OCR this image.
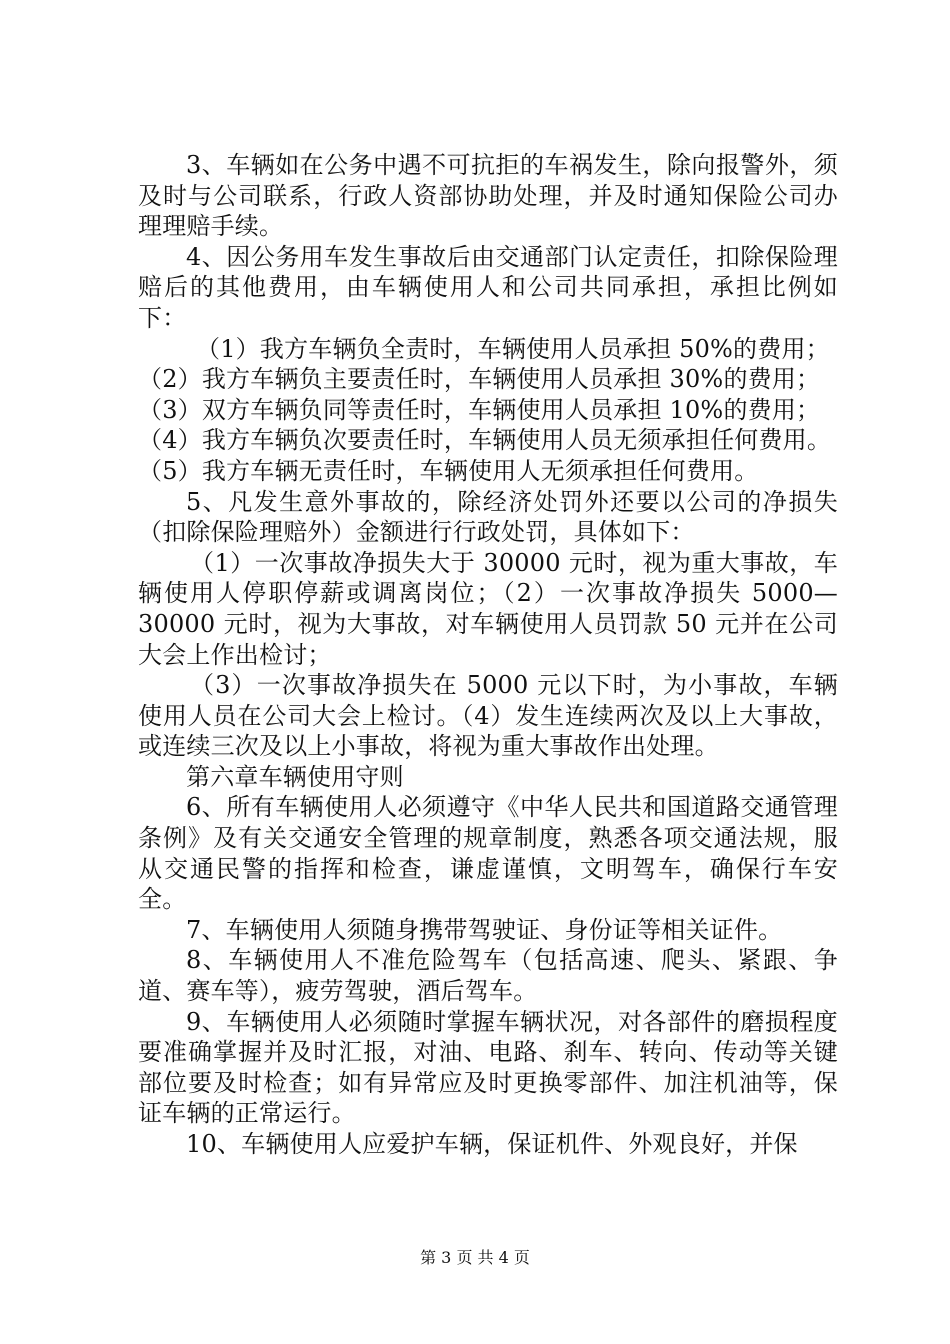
3、车辆如在公务中遇不可抗拒的车祸发生，除向报警外，须及时与公司联系，行政人资部协助处理，并及时通知保险公司办理理赔手续。

4、因公务用车发生事故后由交通部门认定责任，扣除保险理赔后的其他费用，由车辆使用人和公司共同承担，承担比例如下：

（1）我方车辆负全责时，车辆使用人员承担 50%的费用；

（2）我方车辆负主要责任时，车辆使用人员承担 30%的费用；

（3）双方车辆负同等责任时，车辆使用人员承担 10%的费用；

（4）我方车辆负次要责任时，车辆使用人员无须承担任何费用。

（5）我方车辆无责任时，车辆使用人无须承担任何费用。

5、凡发生意外事故的，除经济处罚外还要以公司的净损失（扣除保险理赔外）金额进行行政处罚，具体如下：

（1）一次事故净损失大于 30000 元时，视为重大事故，车辆使用人停职停薪或调离岗位；（2）一次事故净损失 5000—30000 元时，视为大事故，对车辆使用人员罚款 50 元并在公司大会上作出检讨；

（3）一次事故净损失在 5000 元以下时，为小事故，车辆使用人员在公司大会上检讨。（4）发生连续两次及以上大事故，或连续三次及以上小事故，将视为重大事故作出处理。

第六章车辆使用守则

6、所有车辆使用人必须遵守《中华人民共和国道路交通管理条例》及有关交通安全管理的规章制度，熟悉各项交通法规，服从交通民警的指挥和检查，谦虚谨慎，文明驾车，确保行车安全。

7、车辆使用人须随身携带驾驶证、身份证等相关证件。

8、车辆使用人不准危险驾车（包括高速、爬头、紧跟、争道、赛车等），疲劳驾驶，酒后驾车。

9、车辆使用人必须随时掌握车辆状况，对各部件的磨损程度要准确掌握并及时汇报，对油、电路、刹车、转向、传动等关键部位要及时检查；如有异常应及时更换零部件、加注机油等，保证车辆的正常运行。

10、车辆使用人应爱护车辆，保证机件、外观良好，并保

第 3 页 共 4 页
